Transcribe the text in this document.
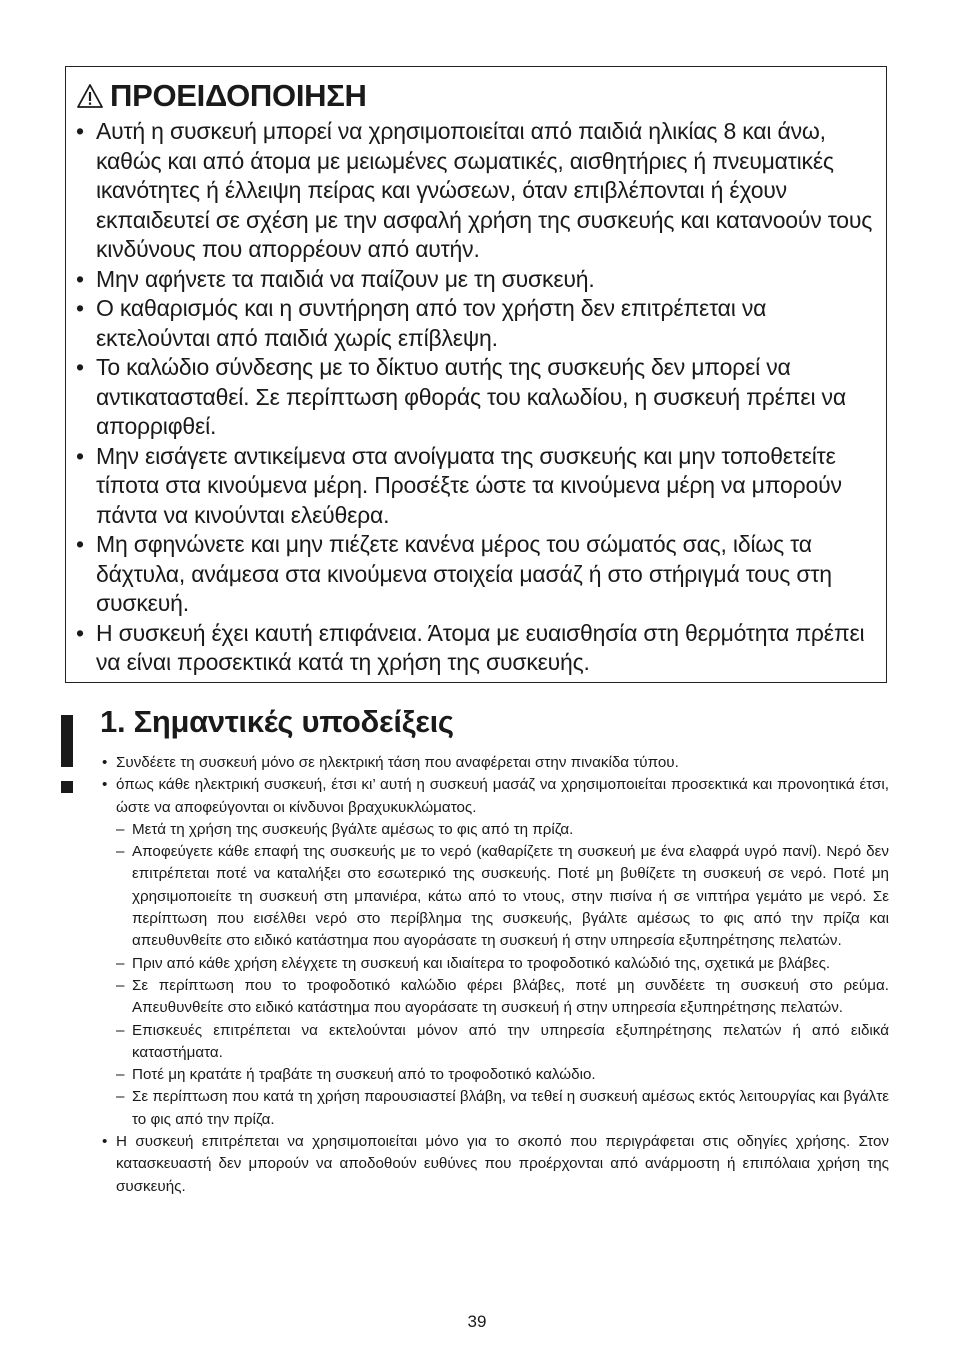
ΠΡΟΕΙΔΟΠΟΙΗΣΗ
• Αυτή η συσκευή μπορεί να χρησιμοποιείται από παιδιά ηλικίας 8 και άνω, καθώς και από άτομα με μειωμένες σωματικές, αισθητήριες ή πνευματικές ικανότητες ή έλλειψη πείρας και γνώσεων, όταν επιβλέπονται ή έχουν εκπαιδευτεί σε σχέση με την ασφαλή χρήση της συσκευής και κατανοούν τους κινδύνους που απορρέουν από αυτήν.
• Μην αφήνετε τα παιδιά να παίζουν με τη συσκευή.
• Ο καθαρισμός και η συντήρηση από τον χρήστη δεν επιτρέπεται να εκτελούνται από παιδιά χωρίς επίβλεψη.
• Το καλώδιο σύνδεσης με το δίκτυο αυτής της συσκευής δεν μπορεί να αντικατασταθεί. Σε περίπτωση φθοράς του καλωδίου, η συσκευή πρέπει να απορριφθεί.
• Μην εισάγετε αντικείμενα στα ανοίγματα της συσκευής και μην τοποθετείτε τίποτα στα κινούμενα μέρη. Προσέξτε ώστε τα κινούμενα μέρη να μπορούν πάντα να κινούνται ελεύθερα.
• Μη σφηνώνετε και μην πιέζετε κανένα μέρος του σώματός σας, ιδίως τα δάχτυλα, ανάμεσα στα κινούμενα στοιχεία μασάζ ή στο στήριγμά τους στη συσκευή.
• Η συσκευή έχει καυτή επιφάνεια. Άτομα με ευαισθησία στη θερμότητα πρέπει να είναι προσεκτικά κατά τη χρήση της συσκευής.
1. Σημαντικές υποδείξεις
• Συνδέετε τη συσκευή μόνο σε ηλεκτρική τάση που αναφέρεται στην πινακίδα τύπου.
• όπως κάθε ηλεκτρική συσκευή, έτσι κι’ αυτή η συσκευή μασάζ να χρησιμοποιείται προσεκτικά και προνοητικά έτσι, ώστε να αποφεύγονται οι κίνδυνοι βραχυκυκλώματος.
– Μετά τη χρήση της συσκευής βγάλτε αμέσως το φις από τη πρίζα.
– Αποφεύγετε κάθε επαφή της συσκευής με το νερό (καθαρίζετε τη συσκευή με ένα ελαφρά υγρό πανί). Νερό δεν επιτρέπεται ποτέ να καταλήξει στο εσωτερικό της συσκευής. Ποτέ μη βυθίζετε τη συσκευή σε νερό. Ποτέ μη χρησιμοποιείτε τη συσκευή στη μπανιέρα, κάτω από το ντους, στην πισίνα ή σε νιπτήρα γεμάτο με νερό. Σε περίπτωση που εισέλθει νερό στο περίβλημα της συσκευής, βγάλτε αμέσως το φις από την πρίζα και απευθυνθείτε στο ειδικό κατάστημα που αγοράσατε τη συσκευή ή στην υπηρεσία εξυπηρέτησης πελατών.
– Πριν από κάθε χρήση ελέγχετε τη συσκευή και ιδιαίτερα το τροφοδοτικό καλώδιό της, σχετικά με βλάβες.
– Σε περίπτωση που το τροφοδοτικό καλώδιο φέρει βλάβες, ποτέ μη συνδέετε τη συσκευή στο ρεύμα. Απευθυνθείτε στο ειδικό κατάστημα που αγοράσατε τη συσκευή ή στην υπηρεσία εξυπηρέτησης πελατών.
– Επισκευές επιτρέπεται να εκτελούνται μόνον από την υπηρεσία εξυπηρέτησης πελατών ή από ειδικά καταστήματα.
– Ποτέ μη κρατάτε ή τραβάτε τη συσκευή από το τροφοδοτικό καλώδιο.
– Σε περίπτωση που κατά τη χρήση παρουσιαστεί βλάβη, να τεθεί η συσκευή αμέσως εκτός λειτουργίας και βγάλτε το φις από την πρίζα.
• Η συσκευή επιτρέπεται να χρησιμοποιείται μόνο για το σκοπό που περιγράφεται στις οδηγίες χρήσης. Στον κατασκευαστή δεν μπορούν να αποδοθούν ευθύνες που προέρχονται από ανάρμοστη ή επιπόλαια χρήση της συσκευής.
39
